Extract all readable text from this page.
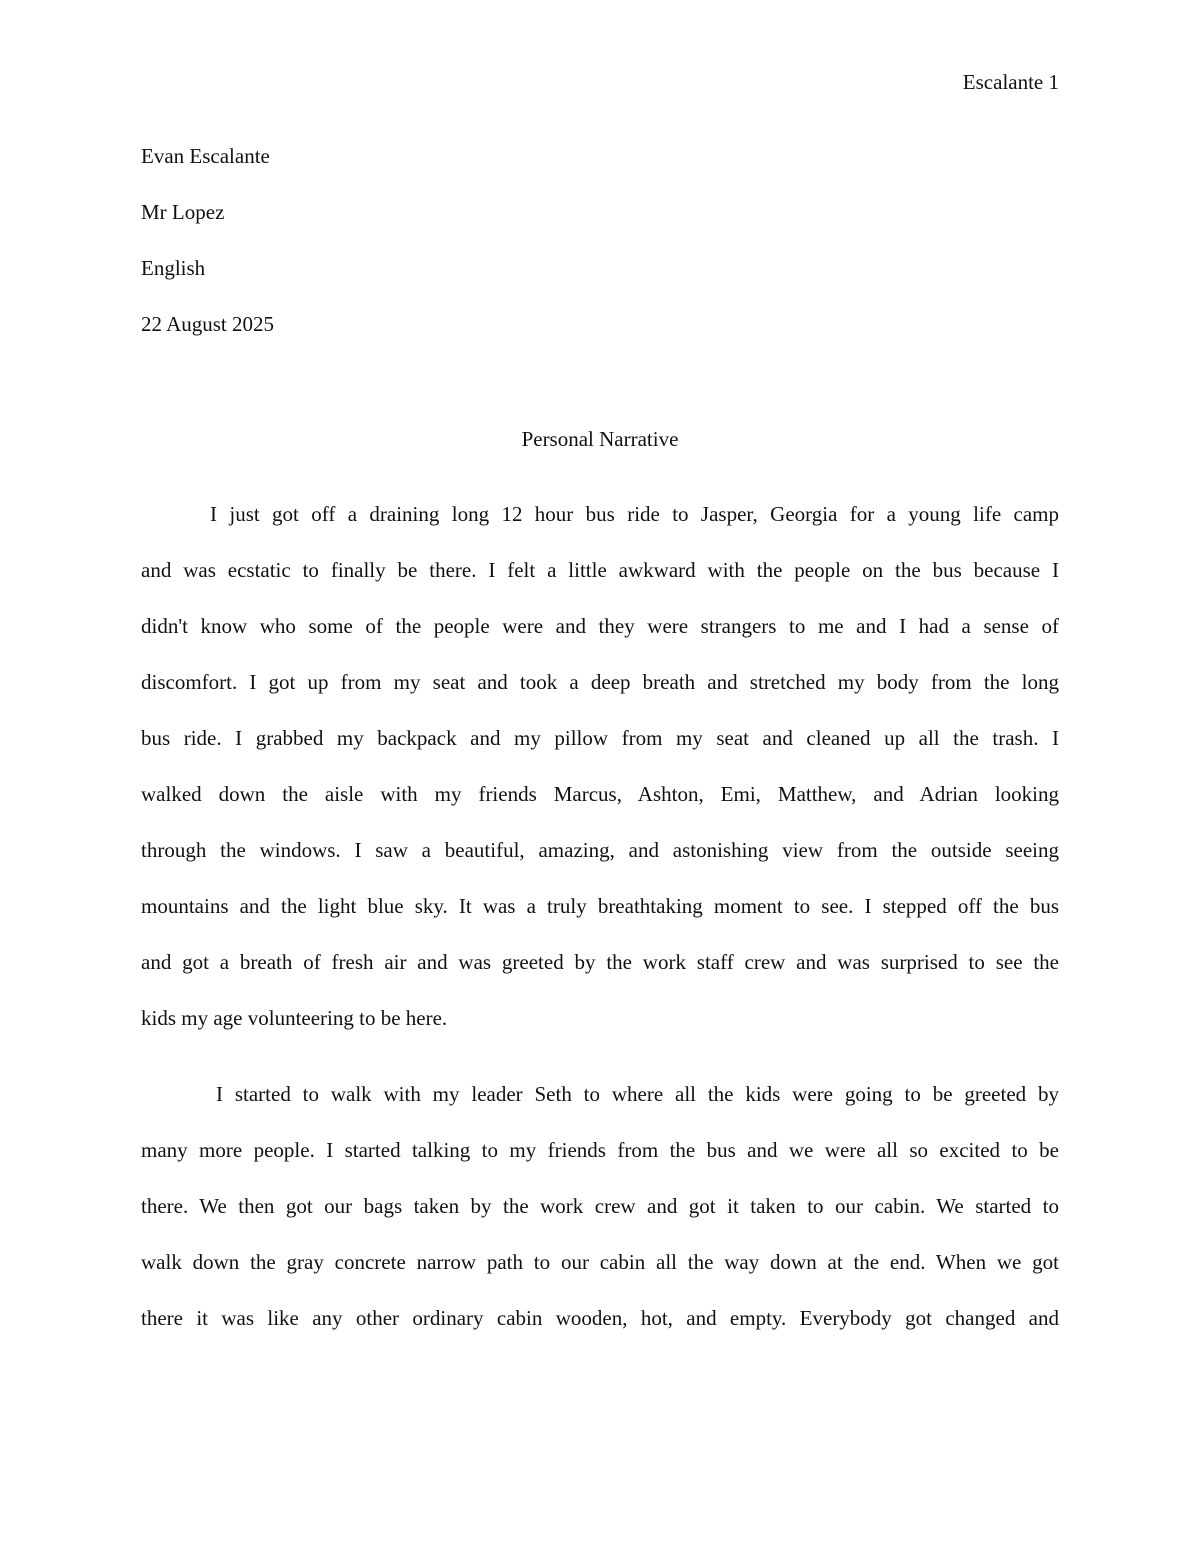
Escalante 1
Evan Escalante
Mr Lopez
English
22 August 2025
Personal Narrative
I just got off a draining long 12 hour bus ride to Jasper, Georgia for a young life camp
and was ecstatic to finally be there. I felt a little awkward with the people on the bus because I
didn't know who some of the people were and they were strangers to me and I had a sense of
discomfort. I got up from my seat and took a deep breath and stretched my body from the long
bus ride. I grabbed my backpack and my pillow from my seat and cleaned up all the trash. I
walked down the aisle with my friends Marcus, Ashton, Emi, Matthew, and Adrian looking
through the windows. I saw a beautiful, amazing, and astonishing view from the outside seeing
mountains and the light blue sky. It was a truly breathtaking moment to see. I stepped off the bus
and got a breath of fresh air and was greeted by the work staff crew and was surprised to see the
kids my age volunteering to be here.
I started to walk with my leader Seth to where all the kids were going to be greeted by
many more people. I started talking to my friends from the bus and we were all so excited to be
there. We then got our bags taken by the work crew and got it taken to our cabin. We started to
walk down the gray concrete narrow path to our cabin all the way down at the end. When we got
there it was like any other ordinary cabin wooden, hot, and empty. Everybody got changed and
